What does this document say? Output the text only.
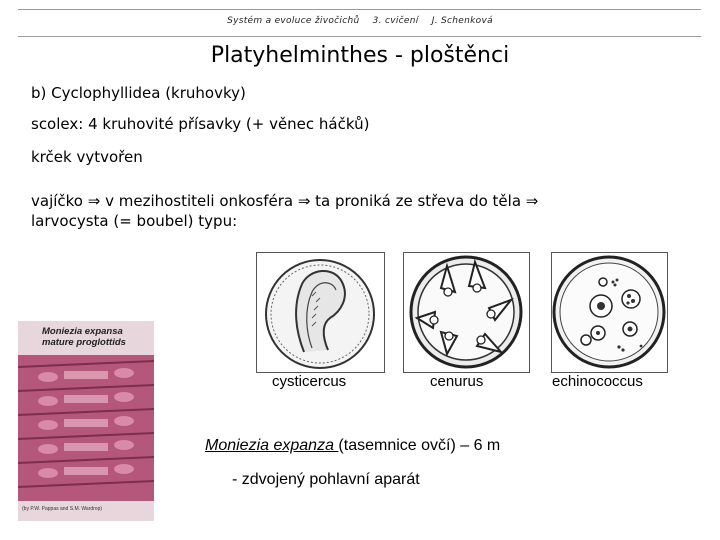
Systém a evoluce živočichů 3. cvičení J. Schenková
Platyhelminthes - ploštěnci
b) Cyclophyllidea (kruhovky)
scolex: 4 kruhovité přísavky (+ věnec háčků)
krček vytvořen
vajíčko ⇒ v mezihostiteli onkosféra ⇒ ta proniká ze střeva do těla ⇒
larvocysta (= boubel) typu:
cysticercus	cenurus	echinococcus
Moniezia expansa
mature proglottids
(by P.W. Pappas and S.M. Wardrop)
Moniezia expanza (tasemnice ovčí) – 6 m
- zdvojený pohlavní aparát
